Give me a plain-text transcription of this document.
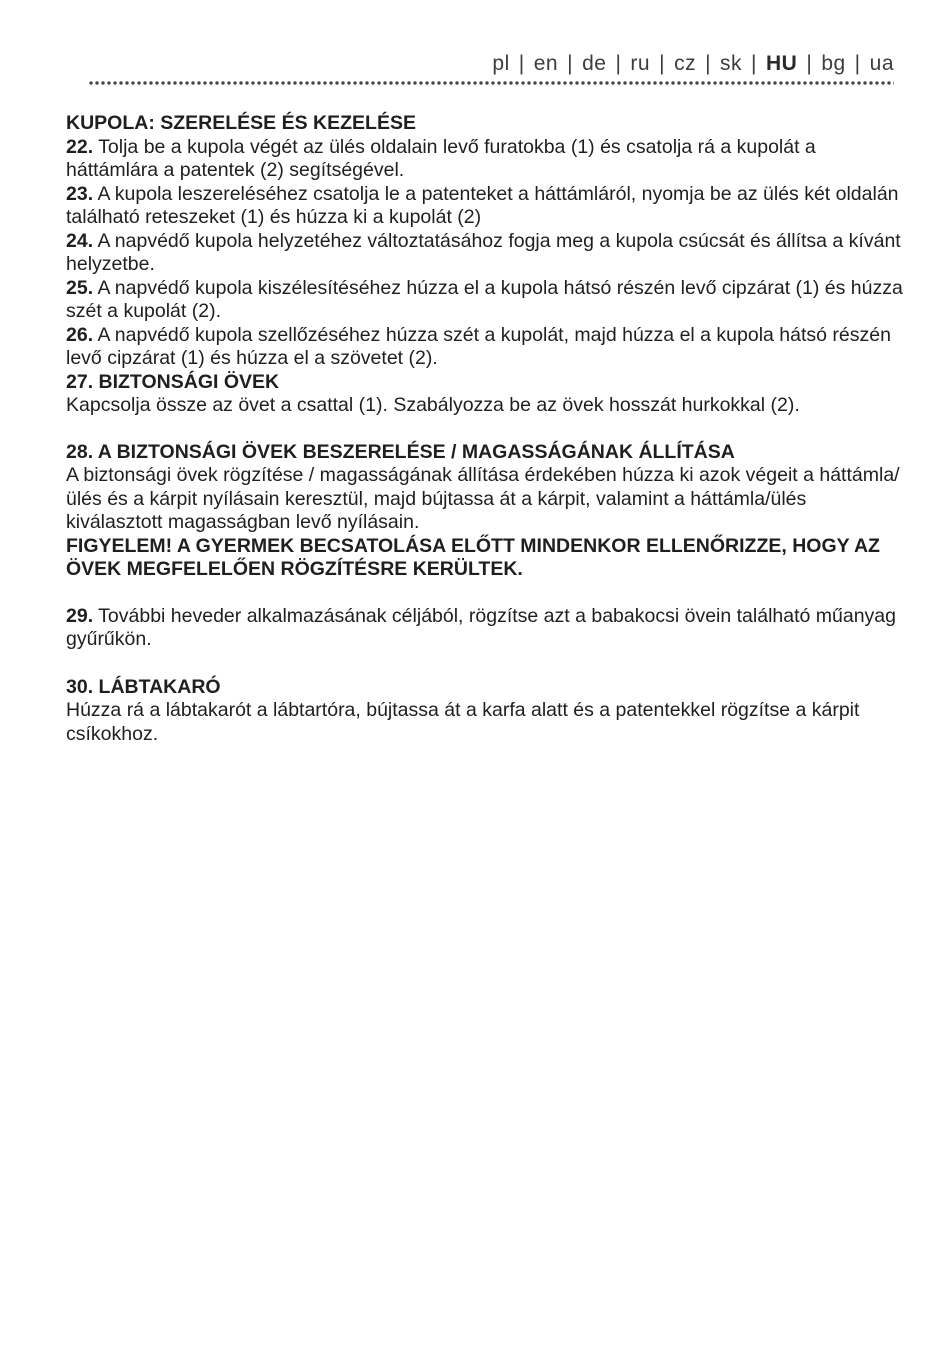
pl | en | de | ru | cz | sk | HU | bg | ua

KUPOLA: SZERELÉSE ÉS KEZELÉSE

22. Tolja be a kupola végét az ülés oldalain levő furatokba (1) és csatolja rá a kupolát a háttámlára a patentek (2) segítségével.

23. A kupola leszereléséhez csatolja le a patenteket a háttámláról, nyomja be az ülés két oldalán található reteszeket (1) és húzza ki a kupolát (2)

24. A napvédő kupola helyzetéhez változtatásához fogja meg a kupola csúcsát és állítsa a kívánt helyzetbe.

25. A napvédő kupola kiszélesítéséhez húzza el a kupola hátsó részén levő cipzárat (1) és húzza szét a kupolát (2).

26. A napvédő kupola szellőzéséhez húzza szét a kupolát, majd húzza el a kupola hátsó részén levő cipzárat (1) és húzza el a szövetet (2).

27. BIZTONSÁGI ÖVEK

Kapcsolja össze az övet a csattal (1). Szabályozza be az övek hosszát hurkokkal (2).

28. A BIZTONSÁGI ÖVEK BESZERELÉSE / MAGASSÁGÁNAK ÁLLÍTÁSA

A biztonsági övek rögzítése / magasságának állítása érdekében húzza ki azok végeit a háttámla/ülés és a kárpit nyílásain keresztül, majd bújtassa át a kárpit, valamint a háttámla/ülés kiválasztott magasságban levő nyílásain.

FIGYELEM! A GYERMEK BECSATOLÁSA ELŐTT MINDENKOR ELLENŐRIZZE, HOGY AZ ÖVEK MEGFELELŐEN RÖGZÍTÉSRE KERÜLTEK.

29. További heveder alkalmazásának céljából, rögzítse azt a babakocsi övein található műanyag gyűrűkön.

30. LÁBTAKARÓ

Húzza rá a lábtakarót a lábtartóra, bújtassa át a karfa alatt és a patentekkel rögzítse a kárpit csíkokhoz.
